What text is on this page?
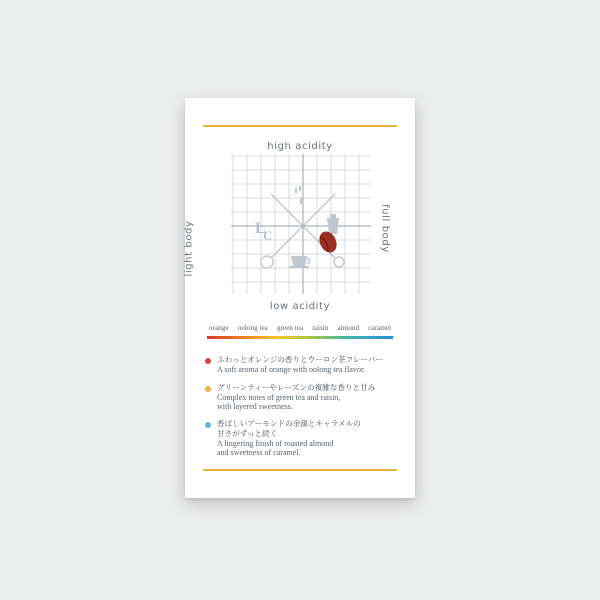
high acidity
light body	full body
low acidity
L
C
orange oolong tea green tea raisin almond caramel
ふわっとオレンジの香りとウーロン茶フレーバー
A soft aroma of orange with oolong tea flavor.
グリーンティーやレーズンの複雑な香りと甘み
Complex notes of green tea and raisin,
with layered sweetness.
香ばしいアーモンドの余韻とキャラメルの
甘さがずっと続く
A lingering finish of roasted almond
and sweetness of caramel.
